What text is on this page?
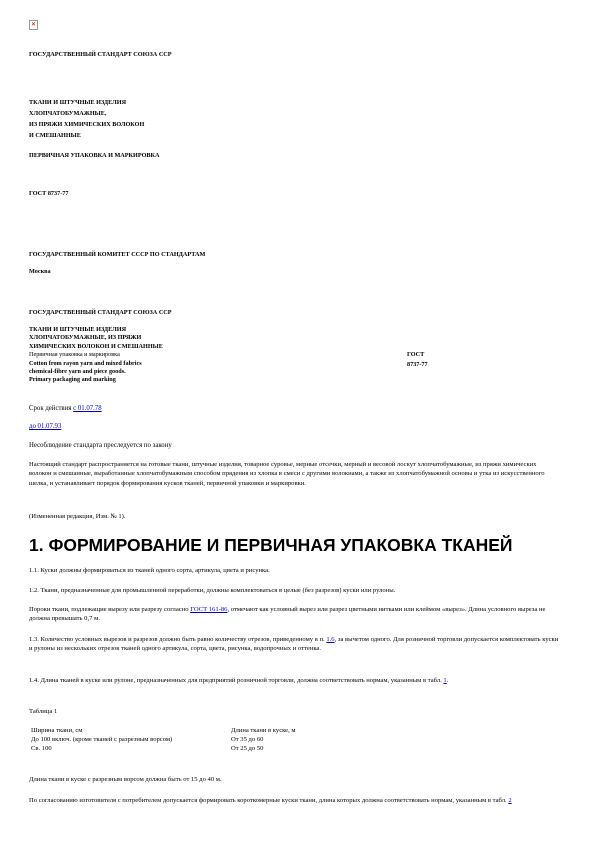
✕
ГОСУДАРСТВЕННЫЙ СТАНДАРТ СОЮЗА ССР
ТКАНИ И ШТУЧНЫЕ ИЗДЕЛИЯ
ХЛОПЧАТОБУМАЖНЫЕ,
ИЗ ПРЯЖИ ХИМИЧЕСКИХ ВОЛОКОН
И СМЕШАННЫЕ
ПЕРВИЧНАЯ УПАКОВКА И МАРКИРОВКА
ГОСТ 8737-77
ГОСУДАРСТВЕННЫЙ КОМИТЕТ СССР ПО СТАНДАРТАМ
Москва
ГОСУДАРСТВЕННЫЙ СТАНДАРТ СОЮЗА ССР
ТКАНИ И ШТУЧНЫЕ ИЗДЕЛИЯ
ХЛОПЧАТОБУМАЖНЫЕ, ИЗ ПРЯЖИ
ХИМИЧЕСКИХ ВОЛОКОН И СМЕШАННЫЕ
Первичная упаковка и маркировка
Cotton from rayon yarn and mixed fabrics
chemical-fibre yarn and piece goods.
Primary packaging and marking
ГОСТ
8737-77
Срок действия с 01.07.78
до 01.07.93
Несоблюдение стандарта преследуется по закону
Настоящий стандарт распространяется на готовые ткани, штучные изделия, товарное суровье, мерные отсечки, мерный и весовой лоскут хлопчатобумажные, из пряжи химических волокон и смешанные, выработанные хлопчатобумажным способом прядения из хлопка в смеси с другими волокнами, а также из хлопчатобумажной основы и утка из искусственного шелка, и устанавливает порядок формирования кусков тканей, первичной упаковки и маркировки.
(Измененная редакция, Изм. № 1).
1. ФОРМИРОВАНИЕ И ПЕРВИЧНАЯ УПАКОВКА ТКАНЕЙ
1.1. Куски должны формироваться из тканей одного сорта, артикула, цвета и рисунка.
1.2. Ткани, предназначенные для промышленной переработки, должны комплектоваться в целые (без разрезов) куски или рулоны.
Пороки ткани, подлежащие вырезу или разрезу согласно ГОСТ 161-86, отмечают как условный вырез или разрез цветными нитками или клеймом «вырез». Длина условного выреза не должна превышать 0,7 м.
1.3. Количество условных вырезов и разрезов должно быть равно количеству отрезов, приведенному в п. 1.6, за вычетом одного. Для розничной торговли допускается комплектовать куски и рулоны из нескольких отрезов тканей одного артикула, сорта, цвета, рисунка, водопрочных и оттенка.
1.4. Длина тканей в куске или рулоне, предназначенных для предприятий розничной торговли, должна соответствовать нормам, указанным в табл. 1.
Таблица 1
Ширина ткани, см	Длина ткани в куске, м
До 100 включ. (кроме тканей с разрезным ворсом)	От 35 до 60
Св. 100	От 25 до 50
Длина ткани в куске с разрезным ворсом должна быть от 15 до 40 м.
По согласованию изготовителя с потребителем допускается формировать короткомерные куски ткани, длина которых должна соответствовать нормам, указанным в табл. 2
